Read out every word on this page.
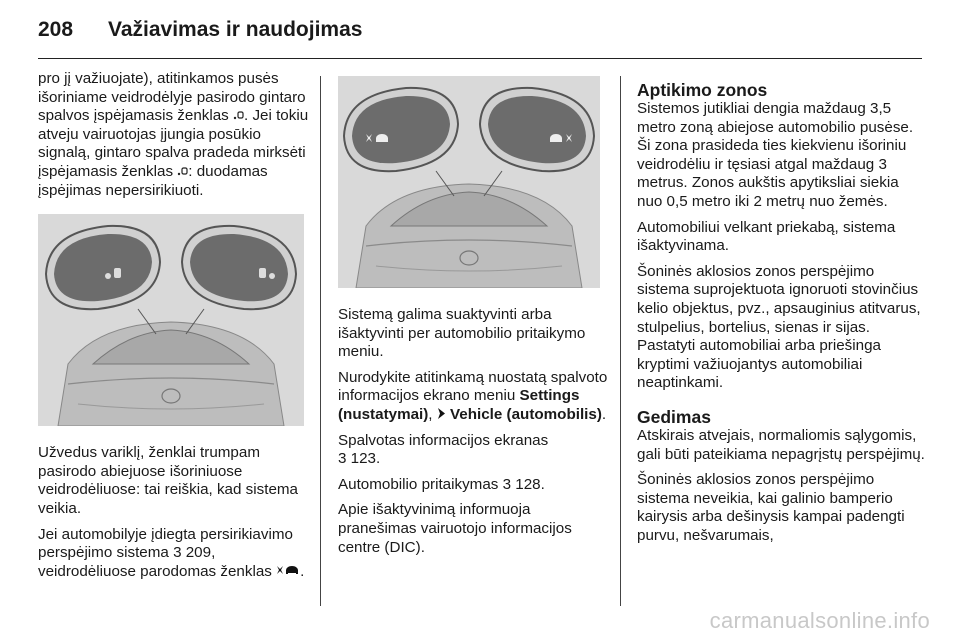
208 Važiavimas ir naudojimas

pro jį važiuojate), atitinkamos pusės išoriniame veidrodėlyje pasirodo gintaro spalvos įspėjamasis ženklas . Jei tokiu atveju vairuotojas įjungia posūkio signalą, gintaro spalva pradeda mirksėti įspėjamasis ženklas : duodamas įspėjimas nepersirikiuoti.

Užvedus variklį, ženklai trumpam pasirodo abiejuose išoriniuose veidrodėliuose: tai reiškia, kad sistema veikia.

Jei automobilyje įdiegta persirikiavimo perspėjimo sistema 3 209, veidrodėliuose parodomas ženklas .

Sistemą galima suaktyvinti arba išaktyvinti per automobilio pritaikymo meniu.

Nurodykite atitinkamą nuostatą spalvoto informacijos ekrano meniu Settings (nustatymai),  Vehicle (automobilis).

Spalvotas informacijos ekranas
3 123.

Automobilio pritaikymas 3 128.

Apie išaktyvinimą informuoja pranešimas vairuotojo informacijos centre (DIC).

Aptikimo zonos

Sistemos jutikliai dengia maždaug 3,5 metro zoną abiejose automobilio pusėse. Ši zona prasideda ties kiekvienu išoriniu veidrodėliu ir tęsiasi atgal maždaug 3 metrus. Zonos aukštis apytiksliai siekia nuo 0,5 metro iki 2 metrų nuo žemės.

Automobiliui velkant priekabą, sistema išaktyvinama.

Šoninės aklosios zonos perspėjimo sistema suprojektuota ignoruoti stovinčius kelio objektus, pvz., apsauginius atitvarus, stulpelius, bortelius, sienas ir sijas. Pastatyti automobiliai arba priešinga kryptimi važiuojantys automobiliai neaptinkami.

Gedimas

Atskirais atvejais, normaliomis sąlygomis, gali būti pateikiama nepagrįstų perspėjimų.

Šoninės aklosios zonos perspėjimo sistema neveikia, kai galinio bamperio kairysis arba dešinysis kampai padengti purvu, nešvarumais,

carmanualsonline.info
